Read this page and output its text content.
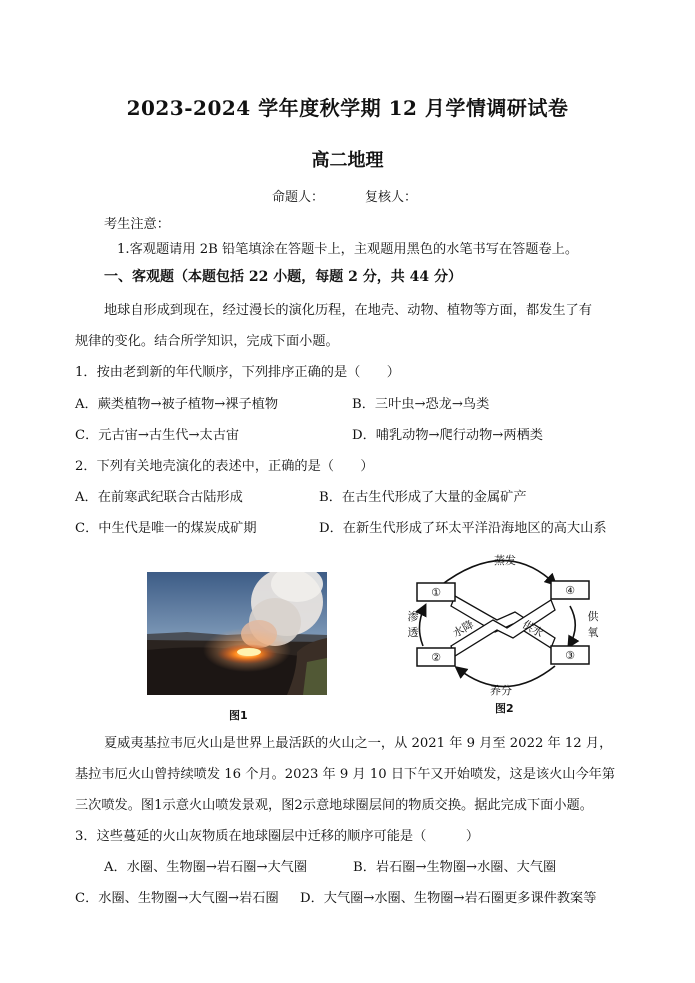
2023-2024 学年度秋学期 12 月学情调研试卷
高二地理
命题人：	复核人：
考生注意：
1.客观题请用 2B 铅笔填涂在答题卡上，主观题用黑色的水笔书写在答题卷上。
一、客观题（本题包括 22 小题，每题 2 分，共 44 分）
地球自形成到现在，经过漫长的演化历程，在地壳、动物、植物等方面，都发生了有
规律的变化。结合所学知识，完成下面小题。
1．按由老到新的年代顺序，下列排序正确的是（　　）
A．蕨类植物→被子植物→裸子植物	B．三叶虫→恐龙→鸟类
C．元古宙→古生代→太古宙	D．哺乳动物→爬行动物→两栖类
2．下列有关地壳演化的表述中，正确的是（　　）
A．在前寒武纪联合古陆形成	B．在古生代形成了大量的金属矿产
C．中生代是唯一的煤炭成矿期	D．在新生代形成了环太平洋沿海地区的高大山系
图1
①	④
②	③
蒸发
养分
水降	供水
渗
透
供
氧
图2
夏威夷基拉韦厄火山是世界上最活跃的火山之一，从 2021 年 9 月至 2022 年 12 月，
基拉韦厄火山曾持续喷发 16 个月。2023 年 9 月 10 日下午又开始喷发，这是该火山今年第
三次喷发。图1示意火山喷发景观，图2示意地球圈层间的物质交换。据此完成下面小题。
3．这些蔓延的火山灰物质在地球圈层中迁移的顺序可能是（　　　）
A．水圈、生物圈→岩石圈→大气圈	B．岩石圈→生物圈→水圈、大气圈
C．水圈、生物圈→大气圈→岩石圈 D．大气圈→水圈、生物圈→岩石圈更多课件教案等
